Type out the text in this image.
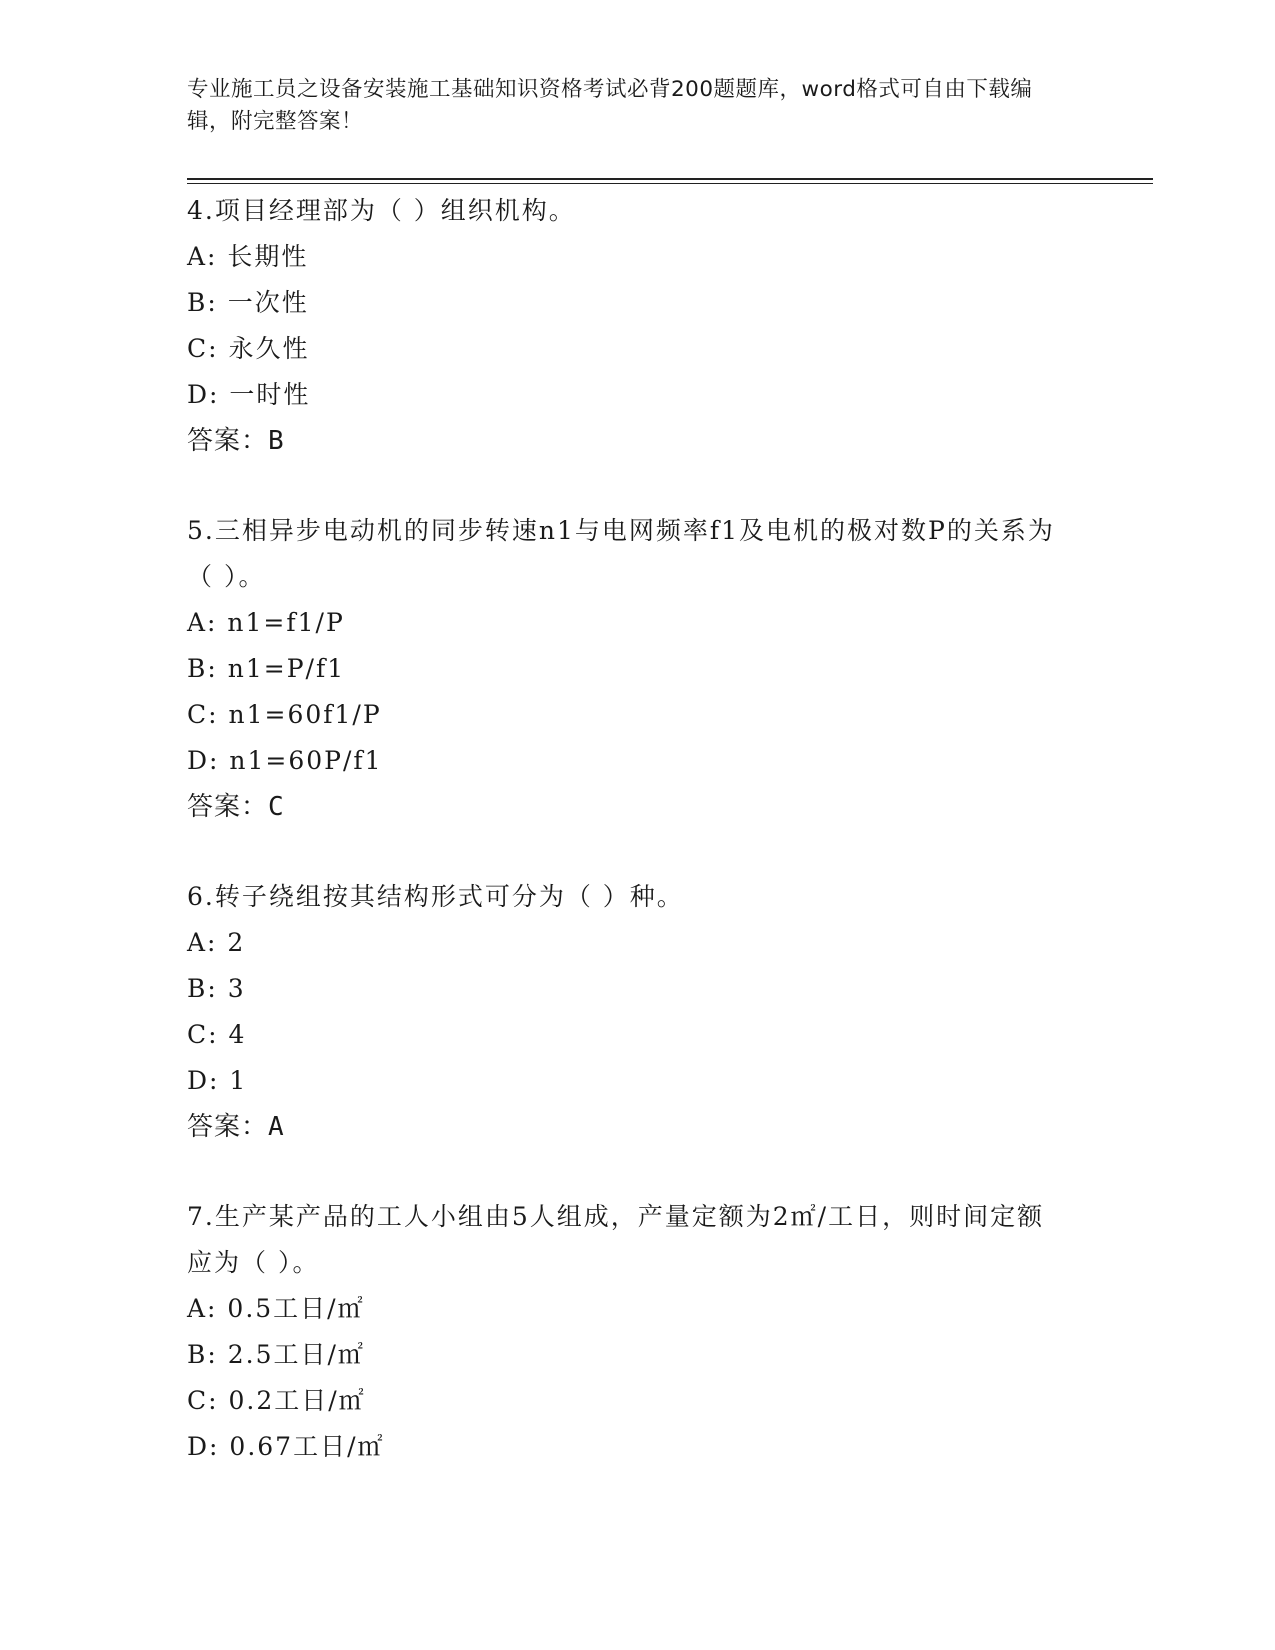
专业施工员之设备安装施工基础知识资格考试必背200题题库，word格式可自由下载编辑，附完整答案！

4.项目经理部为（ ）组织机构。

A: 长期性

B: 一次性

C: 永久性

D: 一时性

答案：B

5.三相异步电动机的同步转速n1与电网频率f1及电机的极对数P的关系为（ ）。

A: n1=f1/P

B: n1=P/f1

C: n1=60f1/P

D: n1=60P/f1

答案：C

6.转子绕组按其结构形式可分为（ ）种。

A: 2

B: 3

C: 4

D: 1

答案：A

7.生产某产品的工人小组由5人组成，产量定额为2㎡/工日，则时间定额应为（ ）。

A: 0.5工日/㎡

B: 2.5工日/㎡

C: 0.2工日/㎡

D: 0.67工日/㎡
